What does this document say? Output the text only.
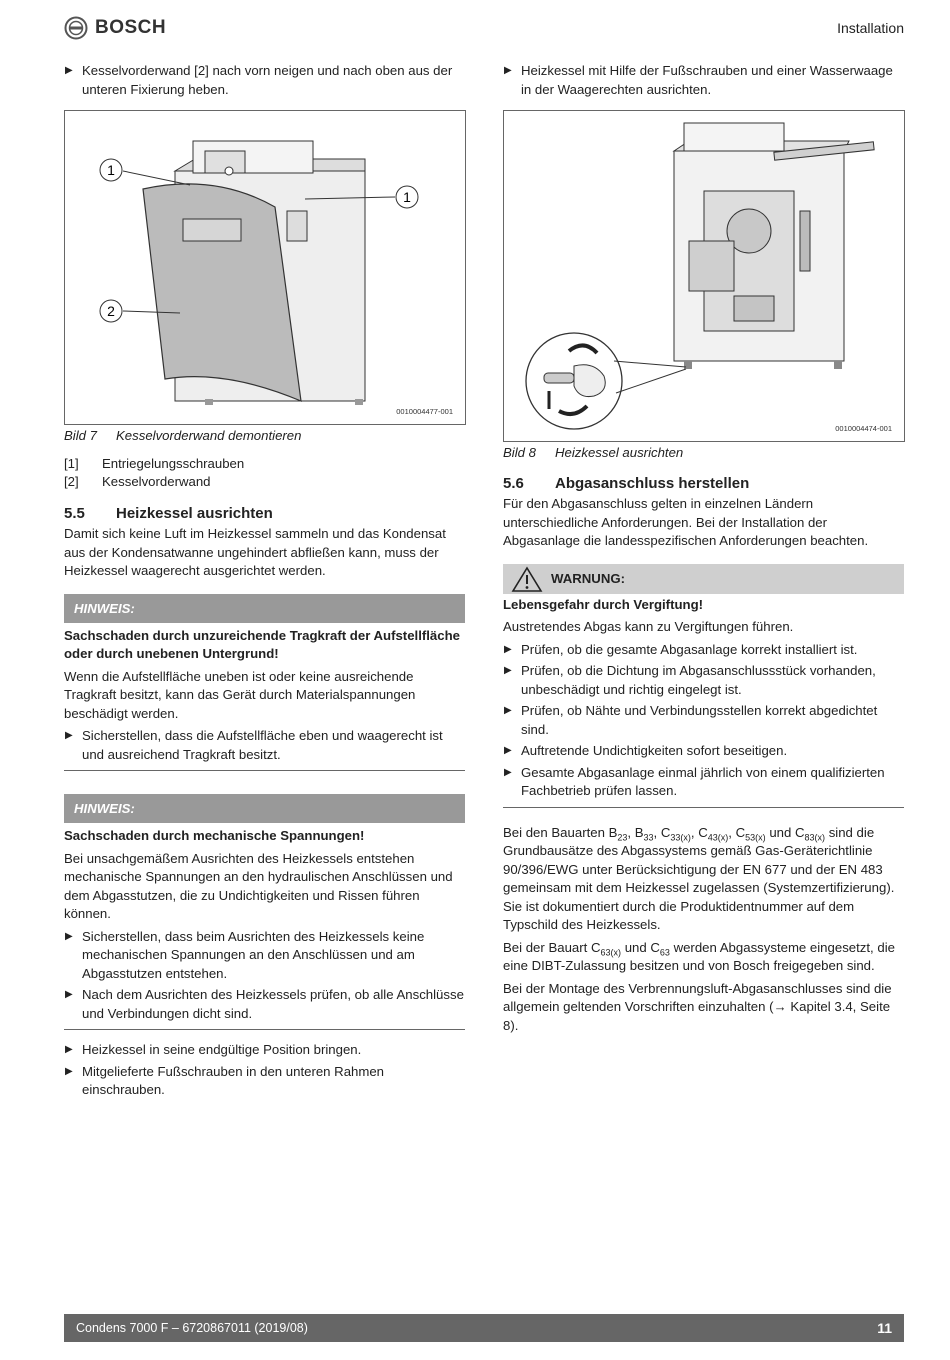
BOSCH	Installation
▶ Kesselvorderwand [2] nach vorn neigen und nach oben aus der unteren Fixierung heben.
1
1
2
0010004477-001
Bild 7	Kesselvorderwand demontieren
[1]	Entriegelungsschrauben
[2]	Kesselvorderwand
5.5	Heizkessel ausrichten

Damit sich keine Luft im Heizkessel sammeln und das Kondensat aus der Kondensatwanne ungehindert abfließen kann, muss der Heizkessel waagerecht ausgerichtet werden.

HINWEIS:

Sachschaden durch unzureichende Tragkraft der Aufstellfläche oder durch unebenen Untergrund!

Wenn die Aufstellfläche uneben ist oder keine ausreichende Tragkraft besitzt, kann das Gerät durch Materialspannungen beschädigt werden.

▶ Sicherstellen, dass die Aufstellfläche eben und waagerecht ist und ausreichend Tragkraft besitzt.
HINWEIS:

Sachschaden durch mechanische Spannungen!

Bei unsachgemäßem Ausrichten des Heizkessels entstehen mechanische Spannungen an den hydraulischen Anschlüssen und dem Abgasstutzen, die zu Undichtigkeiten und Rissen führen können.

▶ Sicherstellen, dass beim Ausrichten des Heizkessels keine mechanischen Spannungen an den Anschlüssen und am Abgasstutzen entstehen.
▶ Nach dem Ausrichten des Heizkessels prüfen, ob alle Anschlüsse und Verbindungen dicht sind.
▶ Heizkessel in seine endgültige Position bringen.
▶ Mitgelieferte Fußschrauben in den unteren Rahmen einschrauben.
▶ Heizkessel mit Hilfe der Fußschrauben und einer Wasserwaage in der Waagerechten ausrichten.
0010004474-001
Bild 8	Heizkessel ausrichten
5.6	Abgasanschluss herstellen

Für den Abgasanschluss gelten in einzelnen Ländern unterschiedliche Anforderungen. Bei der Installation der Abgasanlage die landesspezifischen Anforderungen beachten.

WARNUNG:

Lebensgefahr durch Vergiftung!

Austretendes Abgas kann zu Vergiftungen führen.

▶ Prüfen, ob die gesamte Abgasanlage korrekt installiert ist.
▶ Prüfen, ob die Dichtung im Abgasanschlussstück vorhanden, unbeschädigt und richtig eingelegt ist.
▶ Prüfen, ob Nähte und Verbindungsstellen korrekt abgedichtet sind.
▶ Auftretende Undichtigkeiten sofort beseitigen.
▶ Gesamte Abgasanlage einmal jährlich von einem qualifizierten Fachbetrieb prüfen lassen.

Bei den Bauarten $B_{23}$, $B_{33}$, $C_{33(x)}$, $C_{43(x)}$, $C_{53(x)}$ und $C_{83(x)}$ sind die Grundbausätze des Abgassystems gemäß Gas-Geräterichtlinie 90/396/EWG unter Berücksichtigung der EN 677 und der EN 483 gemeinsam mit dem Heizkessel zugelassen (Systemzertifizierung). Sie ist dokumentiert durch die Produktidentnummer auf dem Typschild des Heizkessels.

Bei der Bauart $C_{63(x)}$ und $C_{63}$ werden Abgassysteme eingesetzt, die eine DIBT-Zulassung besitzen und von Bosch freigegeben sind.

Bei der Montage des Verbrennungsluft-Abgasanschlusses sind die allgemein geltenden Vorschriften einzuhalten (→ Kapitel 3.4, Seite 8).

Condens 7000 F – 6720867011 (2019/08)	11
